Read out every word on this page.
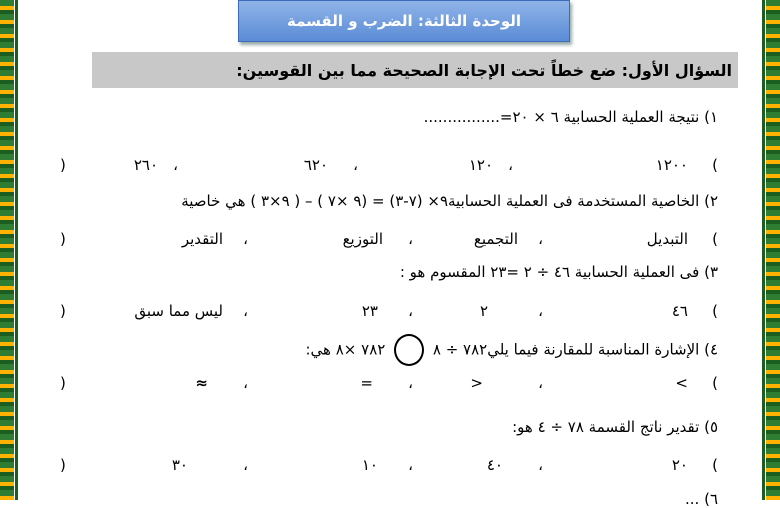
الوحدة الثالثة: الضرب و القسمة
السؤال الأول: ضع خطاً تحت الإجابة الصحيحة مما بين القوسين:
١) نتيجة العملية الحسابية ٦ × ٢٠=................
(
١٢٠٠
،
١٢٠
،
٦٢٠
،
٢٦٠
)
٢) الخاصية المستخدمة فى العملية الحسابية٩× (٧-٣) = (٩ ×٧ ) – ( ٩×٣ ) هي خاصية
(
التبديل
،
التجميع
،
التوزيع
،
التقدير
)
٣) فى العملية الحسابية ٤٦ ÷ ٢ =٢٣ المقسوم هو :
(
٤٦
،
٢
،
٢٣
،
ليس مما سبق
)
٤) الإشارة المناسبة للمقارنة فيما يلي٧٨٢ ÷ ٨  ٧٨٢ ×٨ هي:
(
<
،
>
،
=
،
≈
)
٥) تقدير ناتج القسمة ٧٨ ÷ ٤ هو:
(
٢٠
،
٤٠
،
١٠
،
٣٠
)
٦) ...
